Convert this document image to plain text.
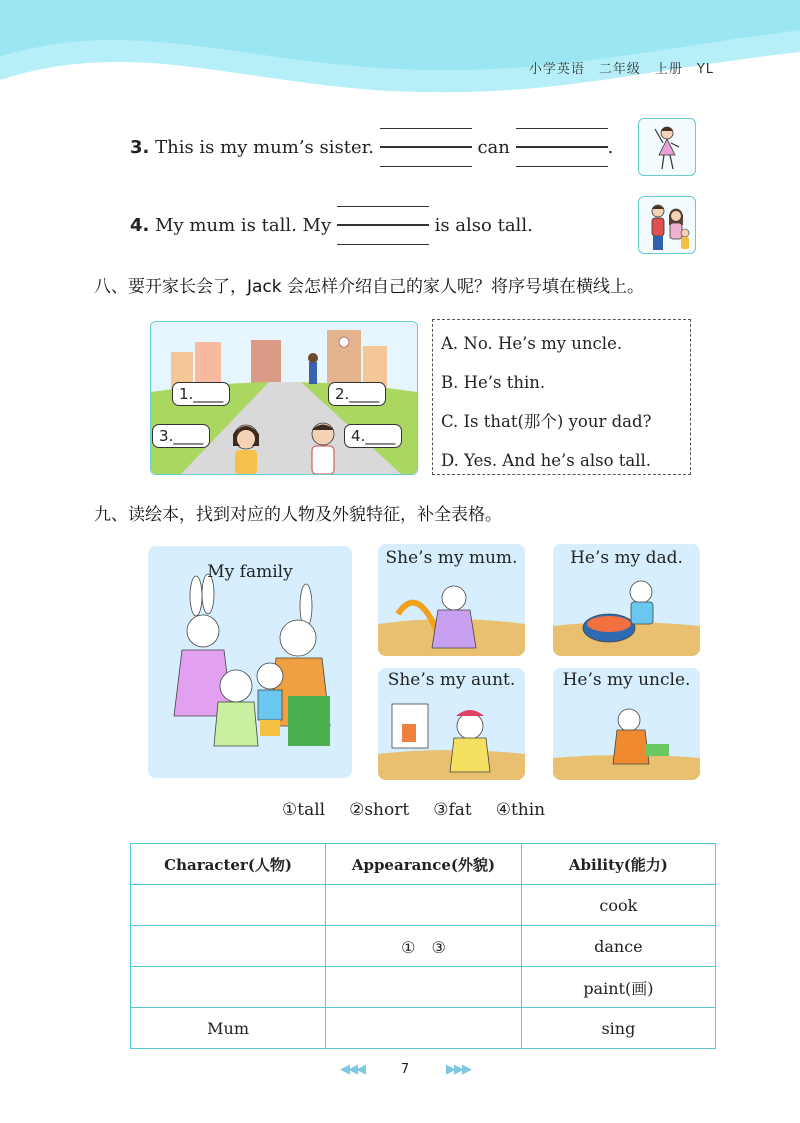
小学英语　二年级　上册　YL
3.
This is my mum’s sister.

	can
	.
4.
My mum is tall. My

	is also tall.
八、要开家长会了，Jack 会怎样介绍自己的家人呢？将序号填在横线上。
1.____	2.____
3.____	4.____
A. No. He’s my uncle.
B. He’s thin.
C. Is that(那个) your dad?
D. Yes. And he’s also tall.
九、读绘本，找到对应的人物及外貌特征，补全表格。
My family
She’s my mum.	He’s my dad.
She’s my aunt.	He’s my uncle.
①tall ②short ③fat ④thin
Character(人物)	Appearance(外貌)	Ability(能力)
		cook
	①　③	dance
		paint(画)
Mum		sing
◀◀◀	7	▶▶▶
